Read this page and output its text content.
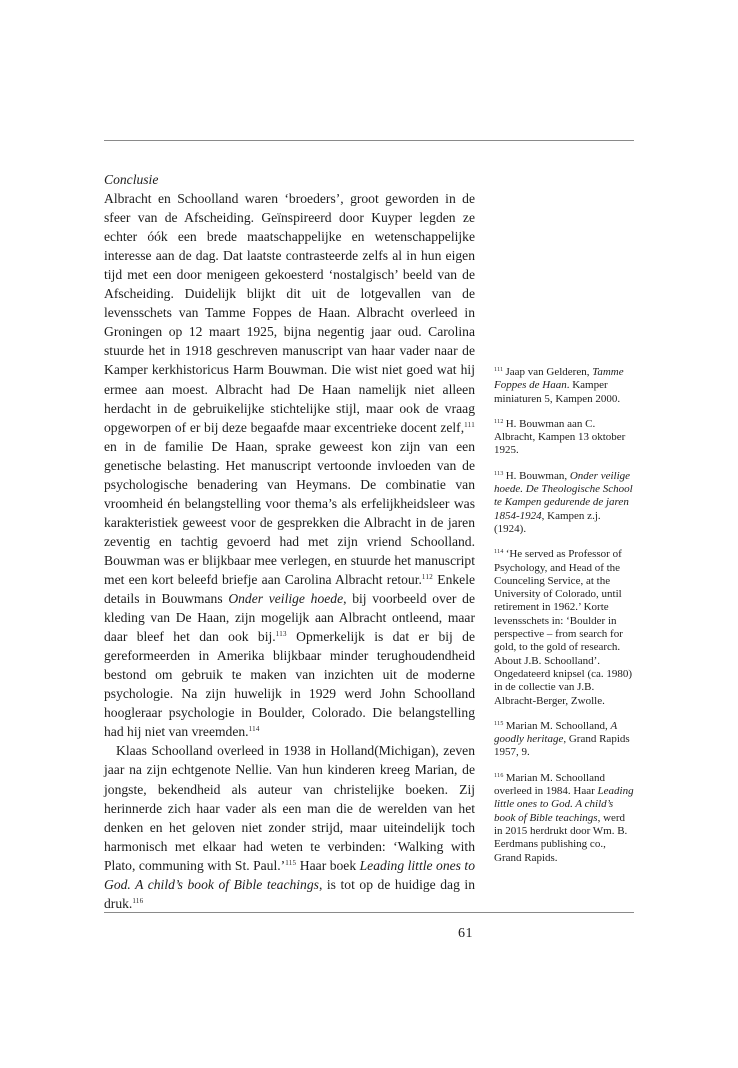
Conclusie

Albracht en Schoolland waren ‘broeders’, groot geworden in de sfeer van de Afscheiding. Geïnspireerd door Kuyper legden ze echter óók een brede maatschappelijke en wetenschappelijke interesse aan de dag. Dat laatste contrasteerde zelfs al in hun eigen tijd met een door menigeen gekoesterd ‘nostalgisch’ beeld van de Afscheiding. Duidelijk blijkt dit uit de lotgevallen van de levensschets van Tamme Foppes de Haan. Albracht overleed in Groningen op 12 maart 1925, bijna negentig jaar oud. Carolina stuurde het in 1918 geschreven manuscript van haar vader naar de Kamper kerkhistoricus Harm Bouwman. Die wist niet goed wat hij ermee aan moest. Albracht had De Haan namelijk niet alleen herdacht in de gebruikelijke stichtelijke stijl, maar ook de vraag opgeworpen of er bij deze begaafde maar excentrieke docent zelf,$^{111}$ en in de familie De Haan, sprake geweest kon zijn van een genetische belasting. Het manuscript vertoonde invloeden van de psychologische benadering van Heymans. De combinatie van vroomheid én belangstelling voor thema’s als erfelijkheidsleer was karakteristiek geweest voor de gesprekken die Albracht in de jaren zeventig en tachtig gevoerd had met zijn vriend Schoolland. Bouwman was er blijkbaar mee verlegen, en stuurde het manuscript met een kort beleefd briefje aan Carolina Albracht retour.$^{112}$ Enkele details in Bouwmans Onder veilige hoede, bij voorbeeld over de kleding van De Haan, zijn mogelijk aan Albracht ontleend, maar daar bleef het dan ook bij.$^{113}$ Opmerkelijk is dat er bij de gereformeerden in Amerika blijkbaar minder terughoudendheid bestond om gebruik te maken van inzichten uit de moderne psychologie. Na zijn huwelijk in 1929 werd John Schoolland hoogleraar psychologie in Boulder, Colorado. Die belangstelling had hij niet van vreemden.$^{114}$

Klaas Schoolland overleed in 1938 in Holland(Michigan), zeven jaar na zijn echtgenote Nellie. Van hun kinderen kreeg Marian, de jongste, bekendheid als auteur van christelijke boeken. Zij herinnerde zich haar vader als een man die de werelden van het denken en het geloven niet zonder strijd, maar uiteindelijk toch harmonisch met elkaar had weten te verbinden: ‘Walking with Plato, communing with St. Paul.’$^{115}$ Haar boek Leading little ones to God. A child’s book of Bible teachings, is tot op de huidige dag in druk.$^{116}$

$^{111}$ Jaap van Gelderen, Tamme Foppes de Haan. Kamper miniaturen 5, Kampen 2000.
$^{112}$ H. Bouwman aan C. Albracht, Kampen 13 oktober 1925.
$^{113}$ H. Bouwman, Onder veilige hoede. De Theologische School te Kampen gedurende de jaren 1854-1924, Kampen z.j. (1924).
$^{114}$ ‘He served as Professor of Psychology, and Head of the Counceling Service, at the University of Colorado, until retirement in 1962.’ Korte levensschets in: ‘Boulder in perspective – from search for gold, to the gold of research. About J.B. Schoolland’. Ongedateerd knipsel (ca. 1980) in de collectie van J.B. Albracht-Berger, Zwolle.
$^{115}$ Marian M. Schoolland, A goodly heritage, Grand Rapids 1957, 9.
$^{116}$ Marian M. Schoolland overleed in 1984. Haar Leading little ones to God. A child’s book of Bible teachings, werd in 2015 herdrukt door Wm. B. Eerdmans publishing co., Grand Rapids.
61
